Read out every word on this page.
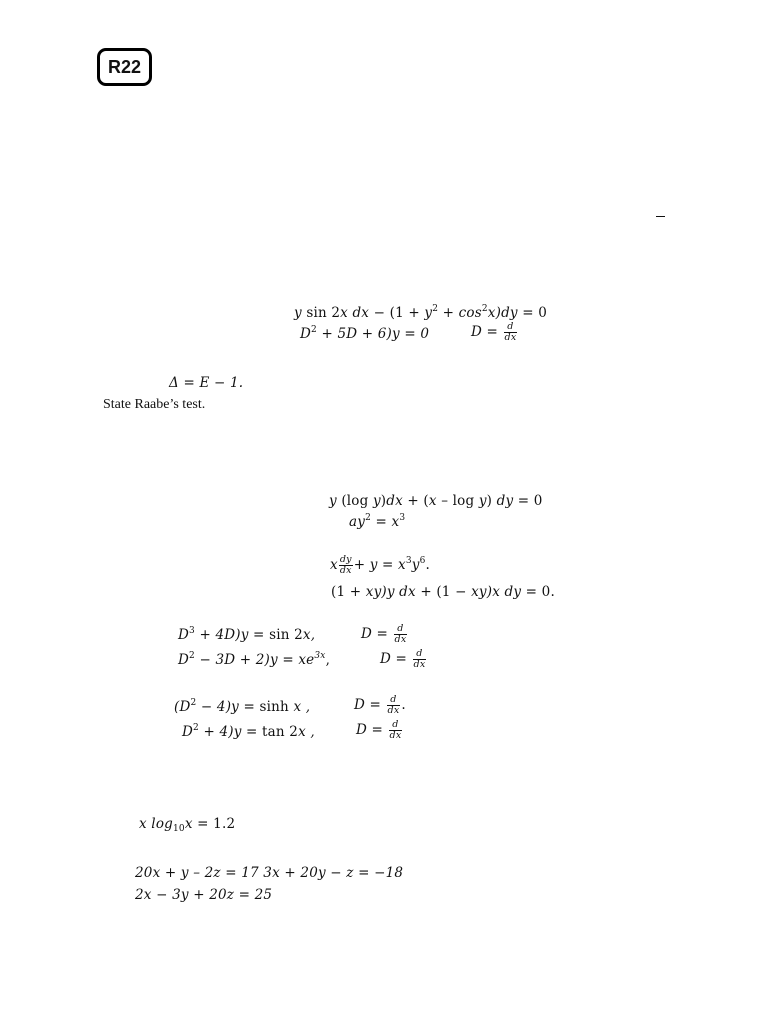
R22
y sin 2x dx − $(1 + y^2 + \cos^2x)dy = 0$
$D^2 + 5D + 6)y = 0$	$D = \frac{d}{dx}$
Δ = E − 1.
State Raabe’s test.
y (log y)dx + (x – log y) dy = 0
$ay^2 = x^3$
x $\frac{dy}{dx} + y = x^3y^6$.
(1 + xy)y dx + (1 − xy)x dy = 0.
$D^3 + 4D)y = \sin 2x$,	$D = \frac{d}{dx}$
$D^2 - 3D + 2)y = xe^{3x}$,	$D = \frac{d}{dx}$
$(D^2 - 4)y = \sinh x$ ,	$D = \frac{d}{dx}$ .
$D^2 + 4)y = \tan 2x$ ,	$D = \frac{d}{dx}$
x $\log_{10}x = 1.2$
20x + y – 2z = 17 3x + 20y − z = −18
2x − 3y + 20z = 25
